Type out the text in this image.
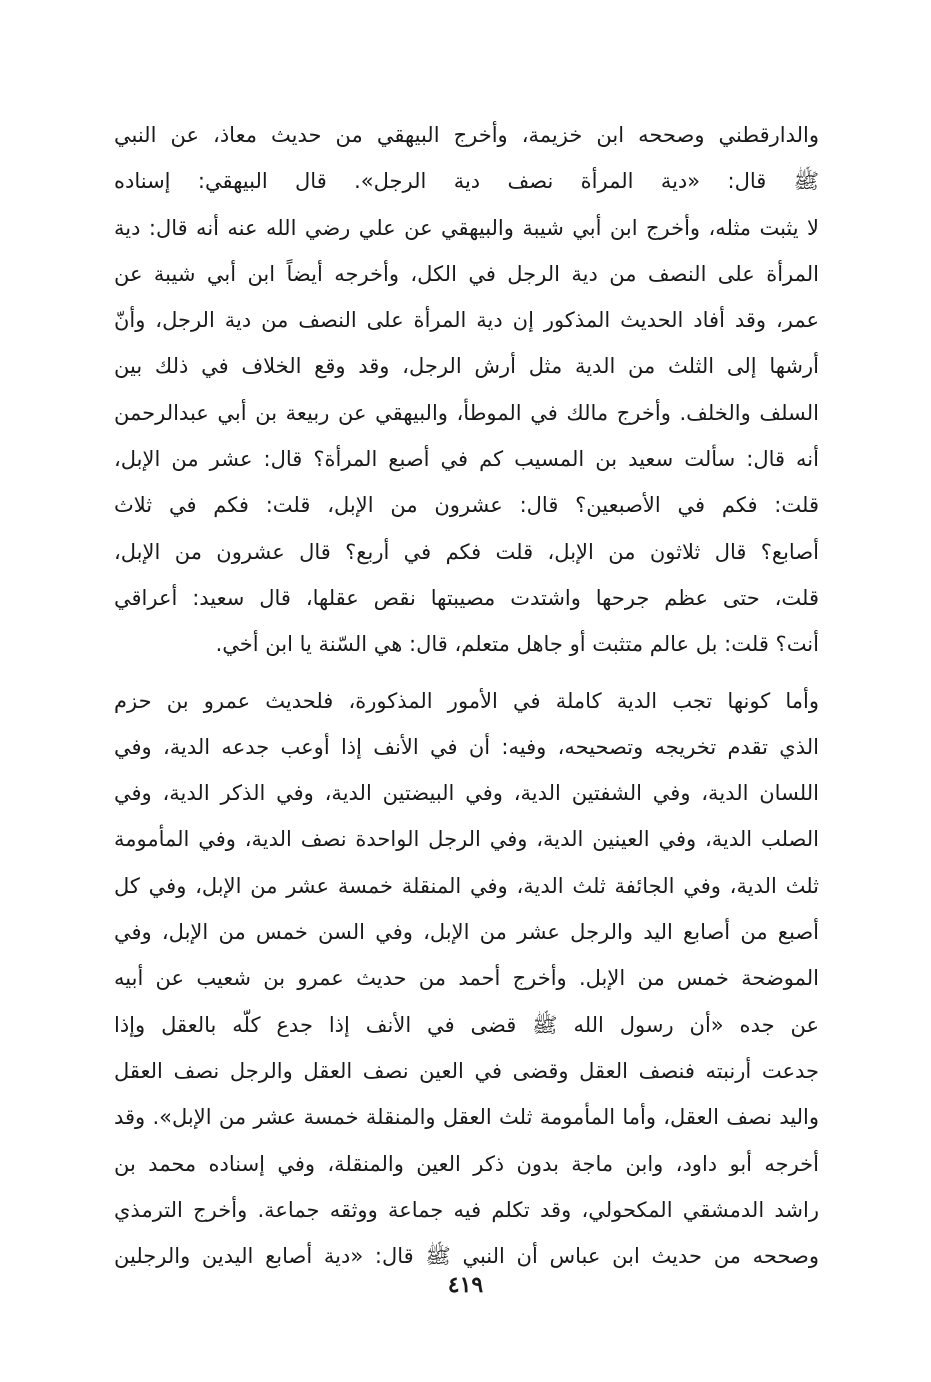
والدارقطني وصححه ابن خزيمة، وأخرج البيهقي من حديث معاذ، عن النبي
ﷺ قال: «دية المرأة نصف دية الرجل». قال البيهقي: إسناده
لا يثبت مثله، وأخرج ابن أبي شيبة والبيهقي عن علي رضي الله عنه أنه قال: دية
المرأة على النصف من دية الرجل في الكل، وأخرجه أيضاً ابن أبي شيبة عن
عمر، وقد أفاد الحديث المذكور إن دية المرأة على النصف من دية الرجل، وأنّ
أرشها إلى الثلث من الدية مثل أرش الرجل، وقد وقع الخلاف في ذلك بين
السلف والخلف. وأخرج مالك في الموطأ، والبيهقي عن ربيعة بن أبي عبدالرحمن
أنه قال: سألت سعيد بن المسيب كم في أصبع المرأة؟ قال: عشر من الإبل،
قلت: فكم في الأصبعين؟ قال: عشرون من الإبل، قلت: فكم في ثلاث
أصابع؟ قال ثلاثون من الإبل، قلت فكم في أربع؟ قال عشرون من الإبل،
قلت، حتى عظم جرحها واشتدت مصيبتها نقص عقلها، قال سعيد: أعراقي
أنت؟ قلت: بل عالم متثبت أو جاهل متعلم، قال: هي السّنة يا ابن أخي.
وأما كونها تجب الدية كاملة في الأمور المذكورة، فلحديث عمرو بن حزم
الذي تقدم تخريجه وتصحيحه، وفيه: أن في الأنف إذا أوعب جدعه الدية، وفي
اللسان الدية، وفي الشفتين الدية، وفي البيضتين الدية، وفي الذكر الدية، وفي
الصلب الدية، وفي العينين الدية، وفي الرجل الواحدة نصف الدية، وفي المأمومة
ثلث الدية، وفي الجائفة ثلث الدية، وفي المنقلة خمسة عشر من الإبل، وفي كل
أصبع من أصابع اليد والرجل عشر من الإبل، وفي السن خمس من الإبل، وفي
الموضحة خمس من الإبل. وأخرج أحمد من حديث عمرو بن شعيب عن أبيه
عن جده «أن رسول الله ﷺ قضى في الأنف إذا جدع كلّه بالعقل وإذا
جدعت أرنبته فنصف العقل وقضى في العين نصف العقل والرجل نصف العقل
واليد نصف العقل، وأما المأمومة ثلث العقل والمنقلة خمسة عشر من الإبل». وقد
أخرجه أبو داود، وابن ماجة بدون ذكر العين والمنقلة، وفي إسناده محمد بن
راشد الدمشقي المكحولي، وقد تكلم فيه جماعة ووثقه جماعة. وأخرج الترمذي
وصححه من حديث ابن عباس أن النبي ﷺ قال: «دية أصابع اليدين والرجلين
٤١٩
